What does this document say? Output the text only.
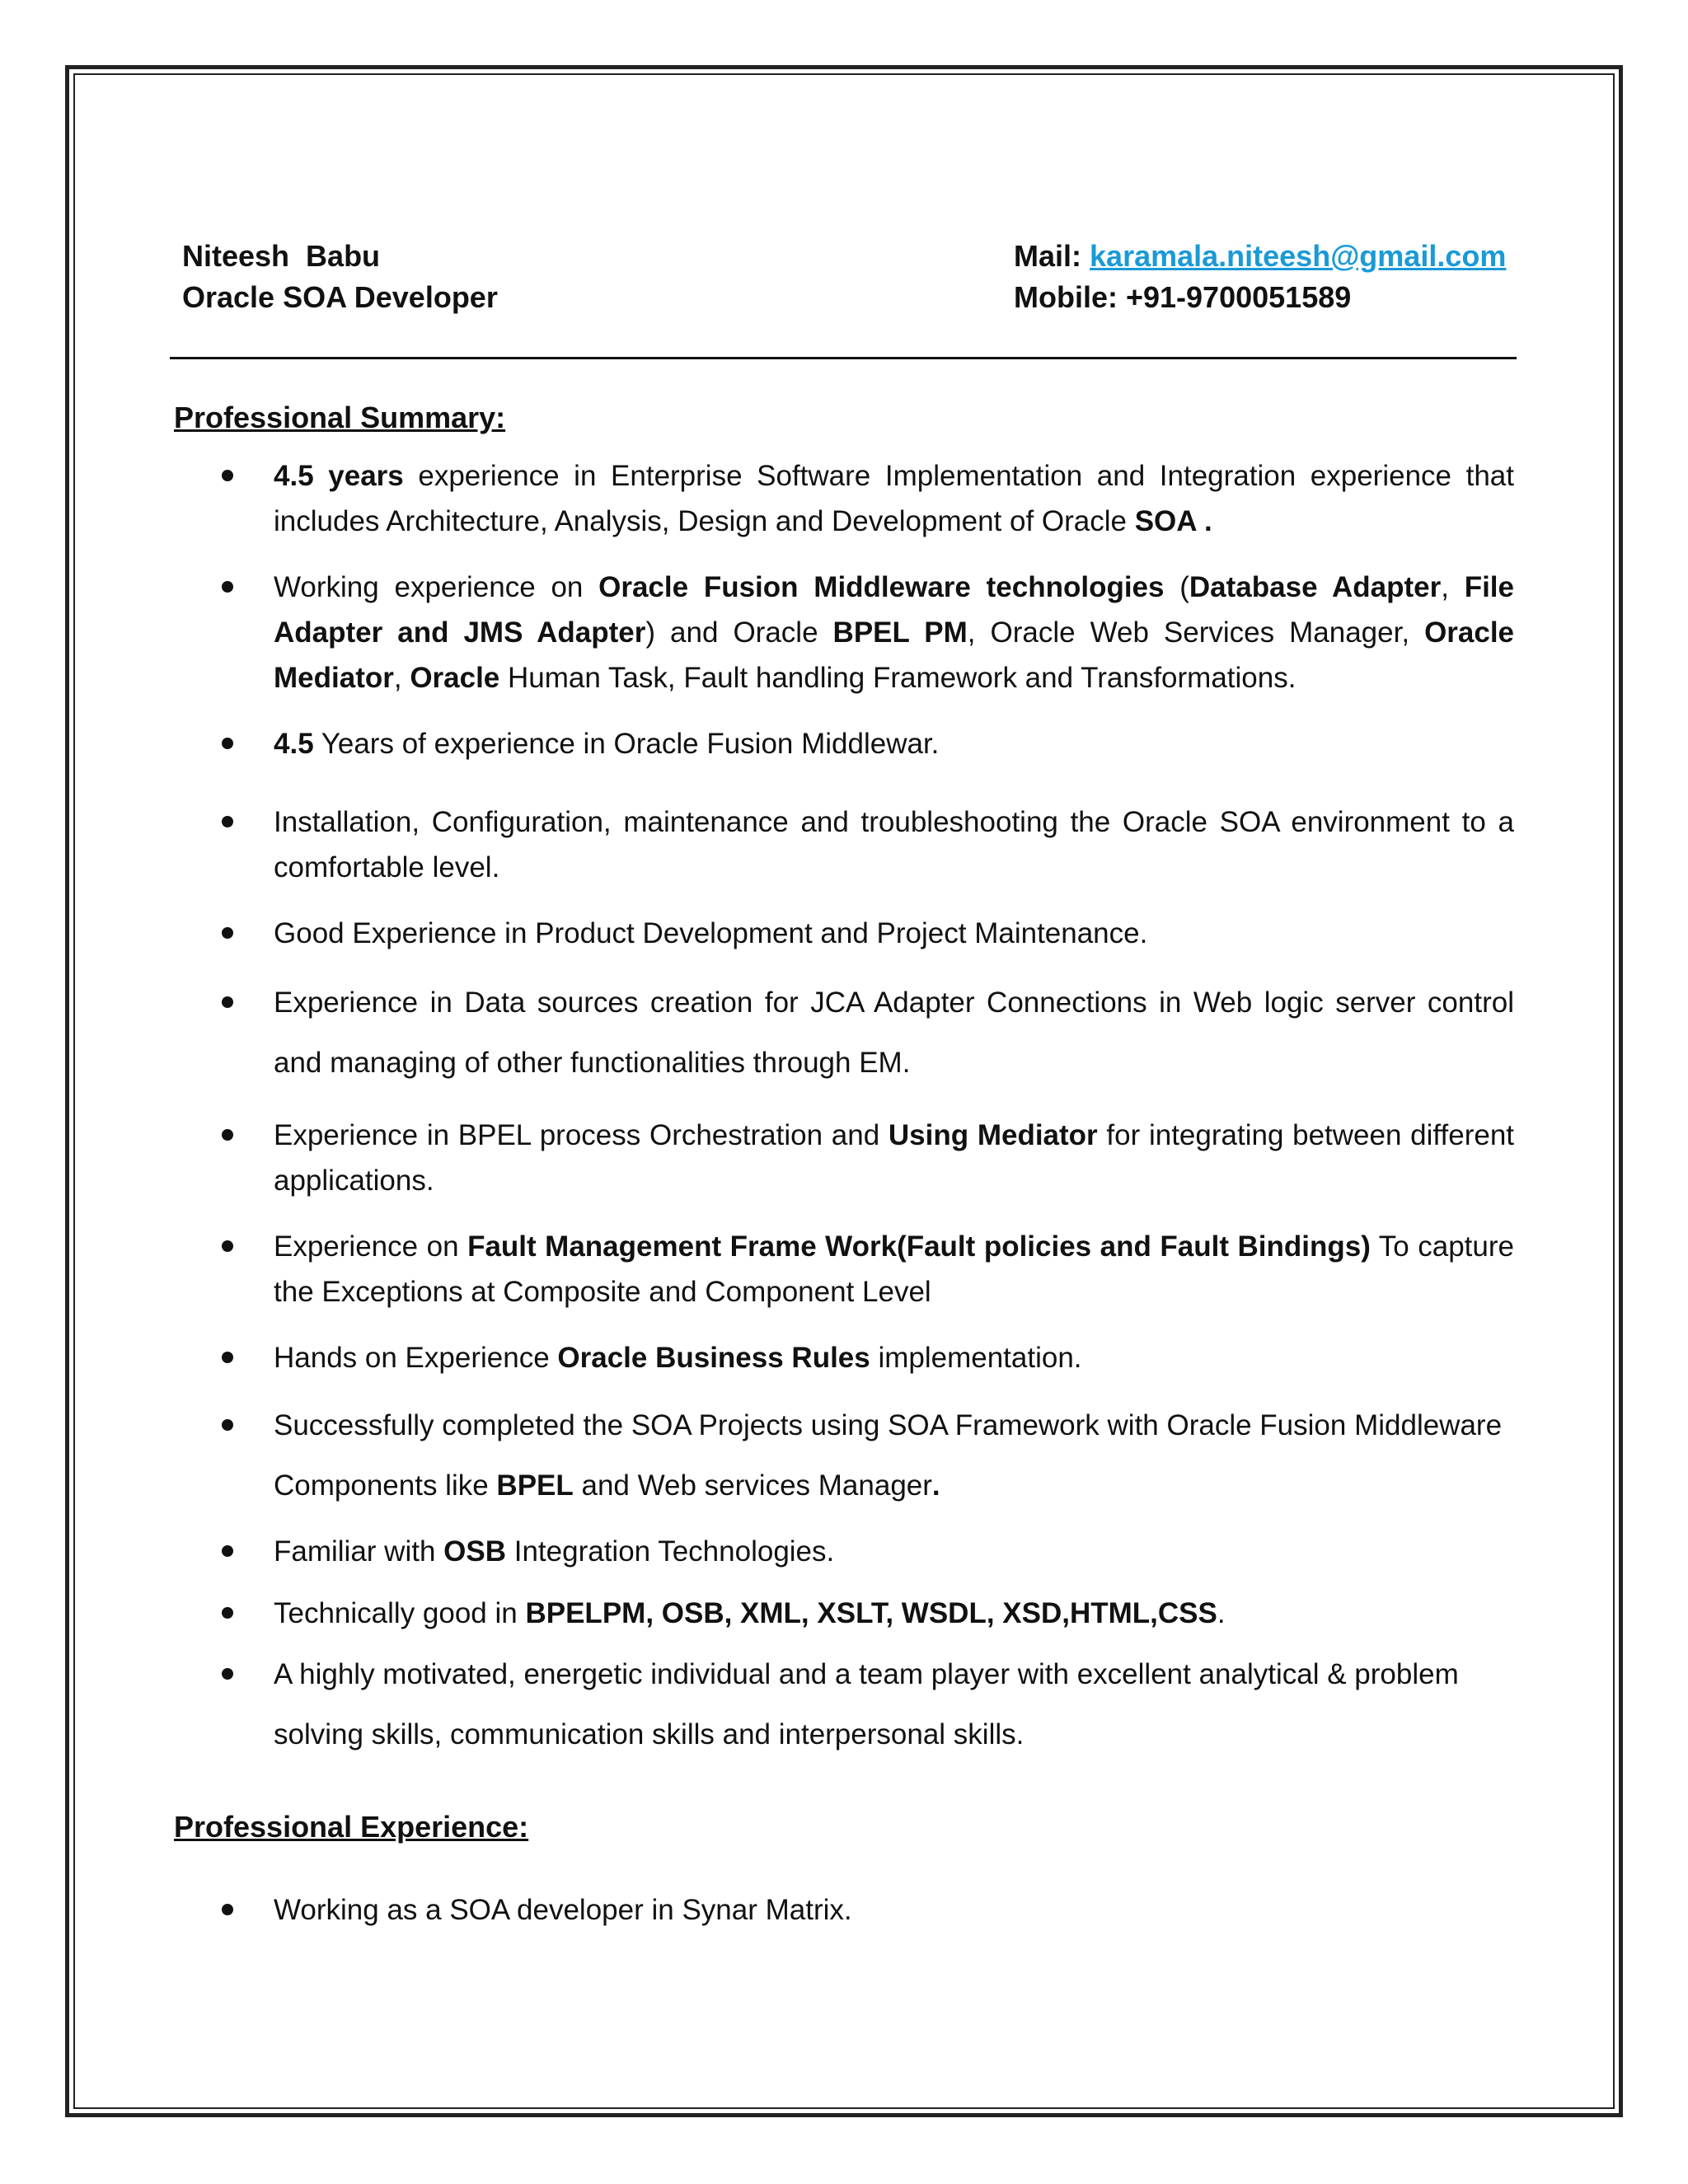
Niteesh  Babu
Oracle SOA Developer
Mail: karamala.niteesh@gmail.com
Mobile: +91-9700051589
Professional Summary:
4.5 years experience in Enterprise Software Implementation and Integration experience that includes Architecture, Analysis, Design and Development of Oracle SOA .
Working experience on Oracle Fusion Middleware technologies (Database Adapter, File Adapter and JMS Adapter) and Oracle BPEL PM, Oracle Web Services Manager, Oracle Mediator, Oracle Human Task, Fault handling Framework and Transformations.
4.5 Years of experience in Oracle Fusion Middlewar.
Installation, Configuration, maintenance and troubleshooting the Oracle SOA environment to a comfortable level.
Good Experience in Product Development and Project Maintenance.
Experience in Data sources creation for JCA Adapter Connections in Web logic server control and managing of other functionalities through EM.
Experience in BPEL process Orchestration and Using Mediator for integrating between different applications.
Experience on Fault Management Frame Work(Fault policies and Fault Bindings) To capture the Exceptions at Composite and Component Level
Hands on Experience Oracle Business Rules implementation.
Successfully completed the SOA Projects using SOA Framework with Oracle Fusion Middleware Components like BPEL and Web services Manager.
Familiar with OSB Integration Technologies.
Technically good in BPELPM, OSB, XML, XSLT, WSDL, XSD,HTML,CSS.
A highly motivated, energetic individual and a team player with excellent analytical & problem solving skills, communication skills and interpersonal skills.
Professional Experience:
Working as a SOA developer in Synar Matrix.
